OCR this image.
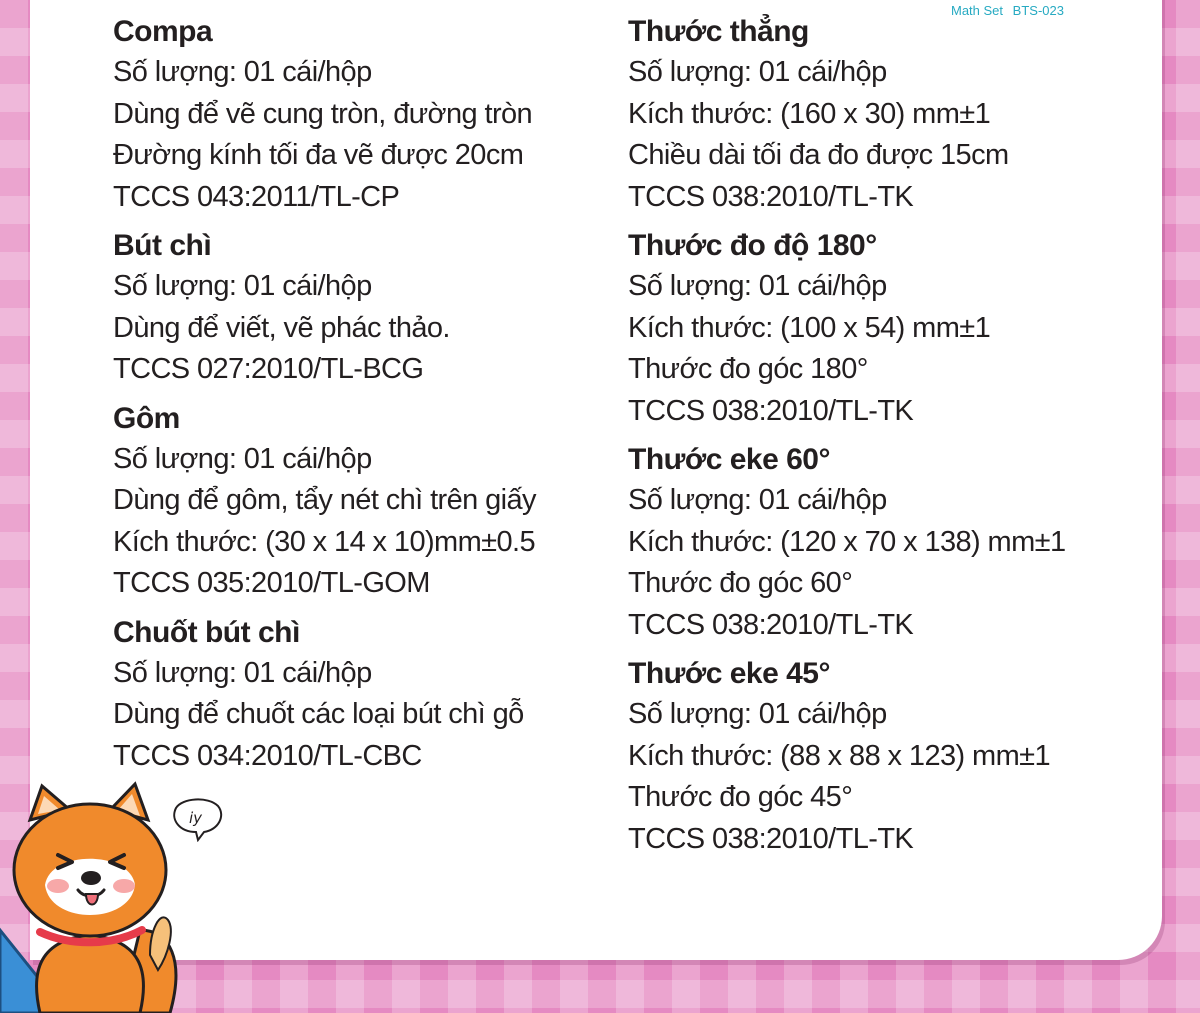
Math Set BTS-023
Compa
Số lượng: 01 cái/hộp
Dùng để vẽ cung tròn, đường tròn
Đường kính tối đa vẽ được 20cm
TCCS 043:2011/TL-CP
Bút chì
Số lượng: 01 cái/hộp
Dùng để viết, vẽ phác thảo.
TCCS 027:2010/TL-BCG
Gôm
Số lượng: 01 cái/hộp
Dùng để gôm, tẩy nét chì trên giấy
Kích thước: (30 x 14 x 10)mm±0.5
TCCS 035:2010/TL-GOM
Chuốt bút chì
Số lượng: 01 cái/hộp
Dùng để chuốt các loại bút chì gỗ
TCCS 034:2010/TL-CBC
Thước thẳng
Số lượng: 01 cái/hộp
Kích thước: (160 x 30) mm±1
Chiều dài tối đa đo được 15cm
TCCS 038:2010/TL-TK
Thước đo độ 180°
Số lượng: 01 cái/hộp
Kích thước: (100 x 54) mm±1
Thước đo góc 180°
TCCS 038:2010/TL-TK
Thước eke 60°
Số lượng: 01 cái/hộp
Kích thước: (120 x 70 x 138) mm±1
Thước đo góc 60°
TCCS 038:2010/TL-TK
Thước eke 45°
Số lượng: 01 cái/hộp
Kích thước: (88 x 88 x 123) mm±1
Thước đo góc 45°
TCCS 038:2010/TL-TK
iy
